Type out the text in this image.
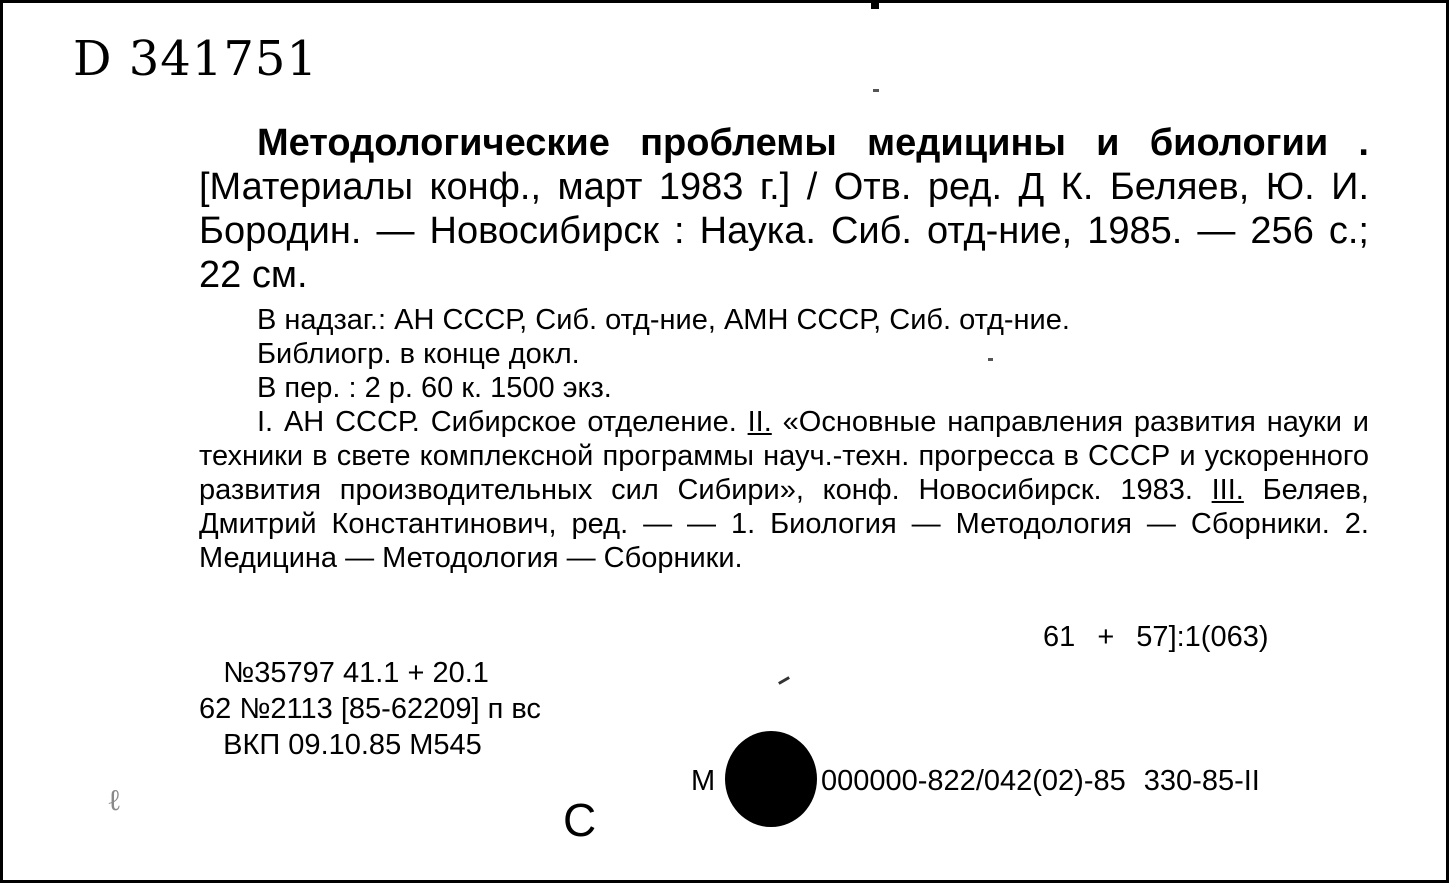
D 341751
Методологические проблемы медицины и биологии . [Материалы конф., март 1983 г.] / Отв. ред. Д К. Беляев, Ю. И. Бородин. — Новосибирск : Наука. Сиб. отд-ние, 1985. — 256 с.; 22 см.
В надзаг.: АН СССР, Сиб. отд-ние, АМН СССР, Сиб. отд-ние.
Библиогр. в конце докл.
В пер. : 2 р. 60 к. 1500 экз.
I. АН СССР. Сибирское отделение. II. «Основные направления развития науки и техники в свете комплексной программы науч.-техн. прогресса в СССР и ускоренного развития производительных сил Сибири», конф. Новосибирск. 1983. III. Беляев, Дмитрий Константинович, ред. — — 1. Биология — Методология — Сборники. 2. Медицина — Методология — Сборники.
61 + 57]:1(063)
№35797 41.1 + 20.1
62 №2113 [85-62209] п вс
ВКП 09.10.85 М545
М	000000-822/042(02)-85 330-85-II
С
ℓ
